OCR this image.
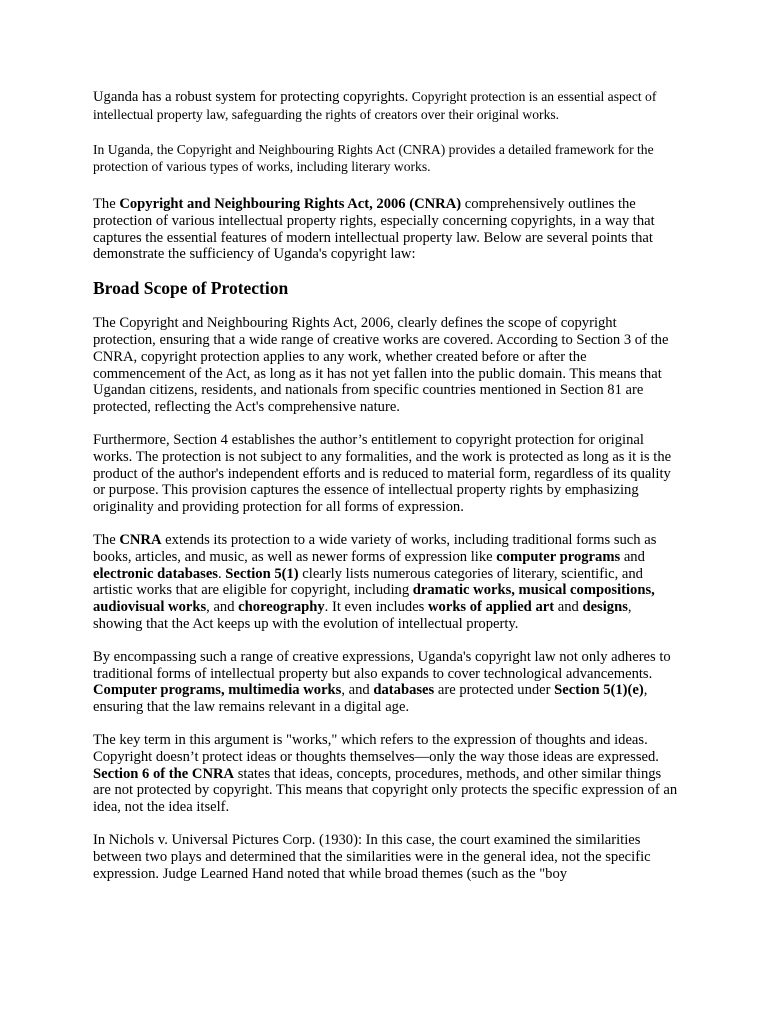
Uganda has a robust system for protecting copyrights. Copyright protection is an essential aspect of intellectual property law, safeguarding the rights of creators over their original works.

In Uganda, the Copyright and Neighbouring Rights Act (CNRA) provides a detailed framework for the protection of various types of works, including literary works.

The Copyright and Neighbouring Rights Act, 2006 (CNRA) comprehensively outlines the protection of various intellectual property rights, especially concerning copyrights, in a way that captures the essential features of modern intellectual property law. Below are several points that demonstrate the sufficiency of Uganda's copyright law:

Broad Scope of Protection

The Copyright and Neighbouring Rights Act, 2006, clearly defines the scope of copyright protection, ensuring that a wide range of creative works are covered. According to Section 3 of the CNRA, copyright protection applies to any work, whether created before or after the commencement of the Act, as long as it has not yet fallen into the public domain. This means that Ugandan citizens, residents, and nationals from specific countries mentioned in Section 81 are protected, reflecting the Act's comprehensive nature.

Furthermore, Section 4 establishes the author’s entitlement to copyright protection for original works. The protection is not subject to any formalities, and the work is protected as long as it is the product of the author's independent efforts and is reduced to material form, regardless of its quality or purpose. This provision captures the essence of intellectual property rights by emphasizing originality and providing protection for all forms of expression.

The CNRA extends its protection to a wide variety of works, including traditional forms such as books, articles, and music, as well as newer forms of expression like computer programs and electronic databases. Section 5(1) clearly lists numerous categories of literary, scientific, and artistic works that are eligible for copyright, including dramatic works, musical compositions, audiovisual works, and choreography. It even includes works of applied art and designs, showing that the Act keeps up with the evolution of intellectual property.

By encompassing such a range of creative expressions, Uganda's copyright law not only adheres to traditional forms of intellectual property but also expands to cover technological advancements. Computer programs, multimedia works, and databases are protected under Section 5(1)(e), ensuring that the law remains relevant in a digital age.

The key term in this argument is "works," which refers to the expression of thoughts and ideas. Copyright doesn’t protect ideas or thoughts themselves—only the way those ideas are expressed. Section 6 of the CNRA states that ideas, concepts, procedures, methods, and other similar things are not protected by copyright. This means that copyright only protects the specific expression of an idea, not the idea itself.

In Nichols v. Universal Pictures Corp. (1930): In this case, the court examined the similarities between two plays and determined that the similarities were in the general idea, not the specific expression. Judge Learned Hand noted that while broad themes (such as the "boy
